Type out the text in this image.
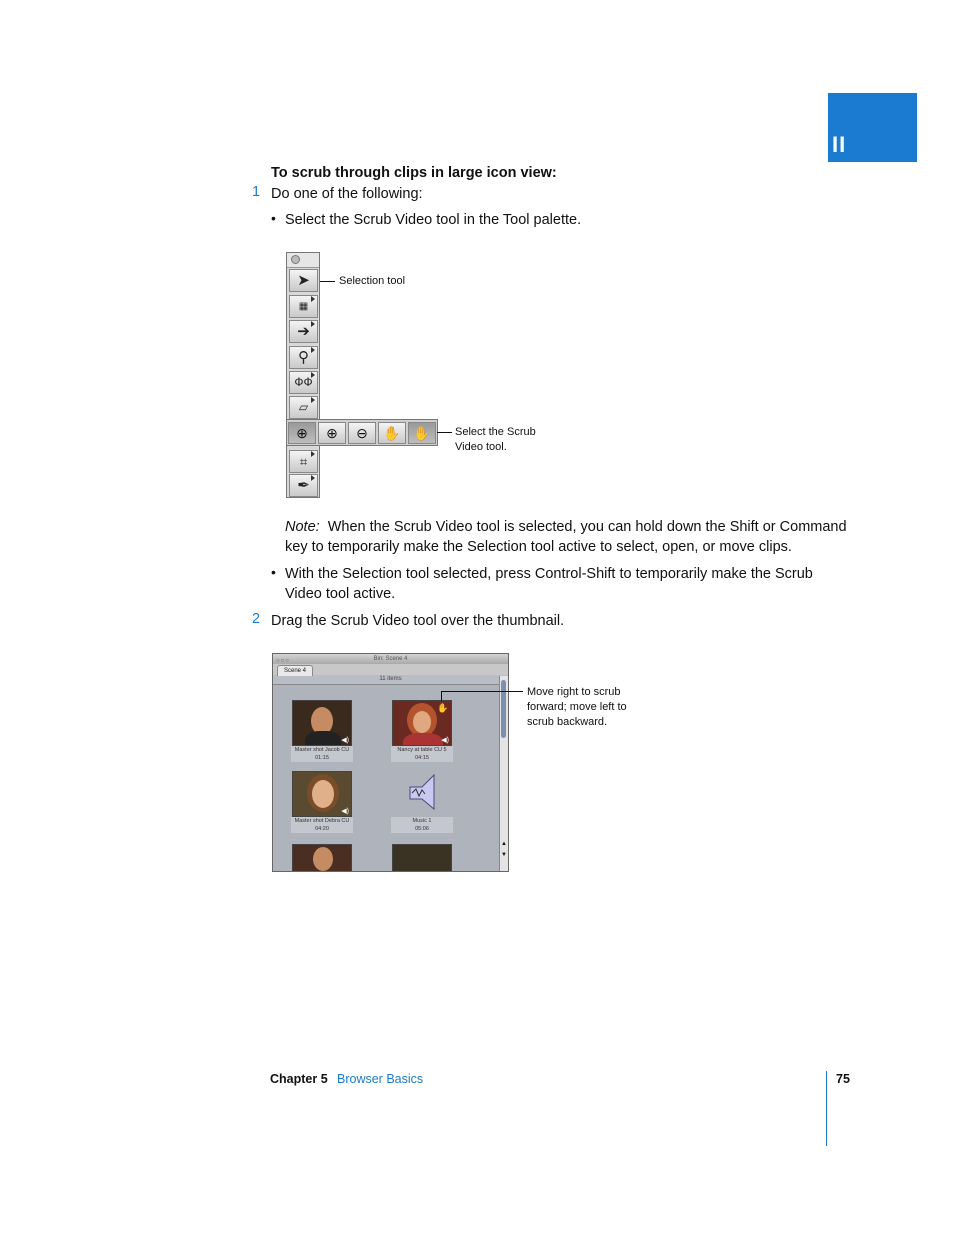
II
To scrub through clips in large icon view:
1 Do one of the following:
• Select the Scrub Video tool in the Tool palette.
➤
▦
➔
⚲
ФФ
▱
⌗
✒
⊕	⊕	⊖	✋ ✋
Selection tool
Select the Scrub
Video tool.
Note: When the Scrub Video tool is selected, you can hold down the Shift or Command
key to temporarily make the Selection tool active to select, open, or move clips.
• With the Selection tool selected, press Control-Shift to temporarily make the Scrub
Video tool active.
2 Drag the Scrub Video tool over the thumbnail.
○○○	Bin: Scene 4
Scene 4
11 items
◀)
Master shot Jacob CU
01:15
◀)
✋
Nancy at table CU 5
04:15
◀)
Master shot Debra CU
04:20
Music 1
05:06
▲
▼
Move right to scrub
forward; move left to
scrub backward.
Chapter 5 Browser Basics	75
